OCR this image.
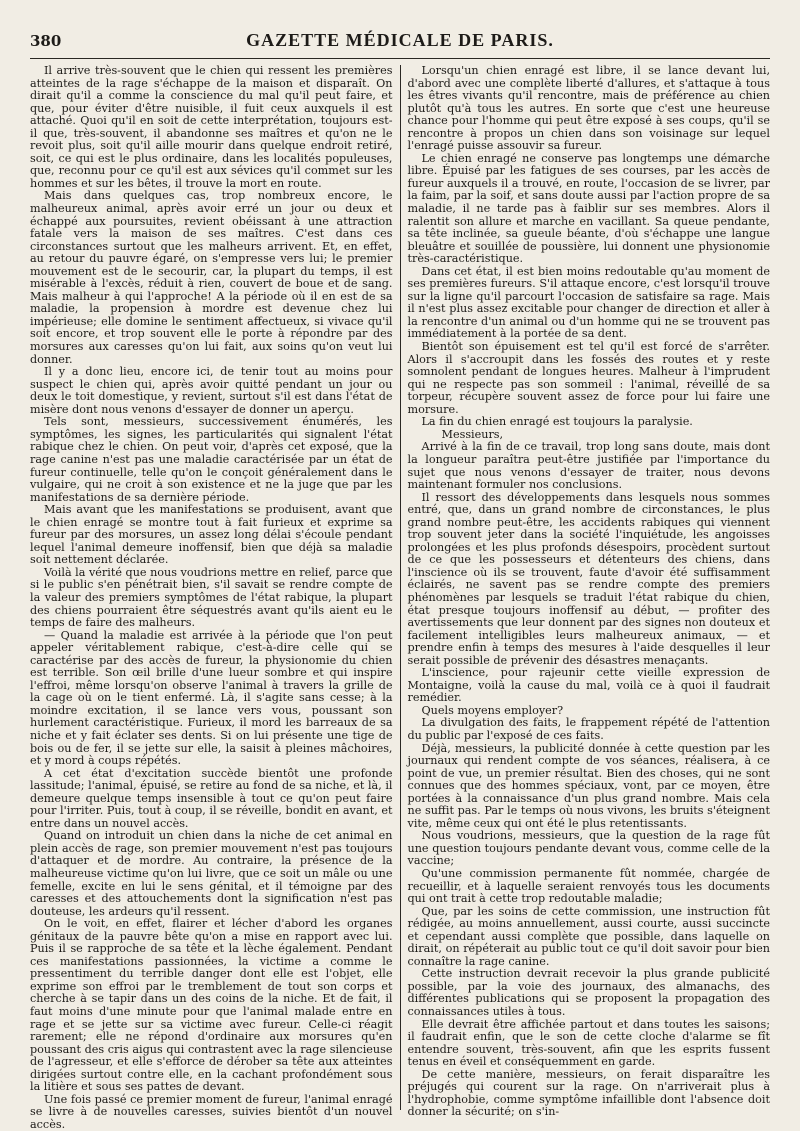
380	GAZETTE MÉDICALE DE PARIS.

Il arrive très-souvent que le chien qui ressent les premières atteintes de la rage s'échappe de la maison et disparaît. On dirait qu'il a comme la conscience du mal qu'il peut faire, et que, pour éviter d'être nuisible, il fuit ceux auxquels il est attaché. Quoi qu'il en soit de cette interprétation, toujours est-il que, très-souvent, il abandonne ses maîtres et qu'on ne le revoit plus, soit qu'il aille mourir dans quelque endroit retiré, soit, ce qui est le plus ordinaire, dans les localités populeuses, que, reconnu pour ce qu'il est aux sévices qu'il commet sur les hommes et sur les bêtes, il trouve la mort en route.

Mais dans quelques cas, trop nombreux encore, le malheureux animal, après avoir erré un jour ou deux et échappé aux poursuites, revient obéissant à une attraction fatale vers la maison de ses maîtres. C'est dans ces circonstances surtout que les malheurs arrivent. Et, en effet, au retour du pauvre égaré, on s'empresse vers lui; le premier mouvement est de le secourir, car, la plupart du temps, il est misérable à l'excès, réduit à rien, couvert de boue et de sang. Mais malheur à qui l'approche! A la période où il en est de sa maladie, la propension à mordre est devenue chez lui impérieuse; elle domine le sentiment affectueux, si vivace qu'il soit encore, et trop souvent elle le porte à répondre par des morsures aux caresses qu'on lui fait, aux soins qu'on veut lui donner.

Il y a donc lieu, encore ici, de tenir tout au moins pour suspect le chien qui, après avoir quitté pendant un jour ou deux le toit domestique, y revient, surtout s'il est dans l'état de misère dont nous venons d'essayer de donner un aperçu.

Tels sont, messieurs, successivement énumérés, les symptômes, les signes, les particularités qui signalent l'état rabique chez le chien. On peut voir, d'après cet exposé, que la rage canine n'est pas une maladie caractérisée par un état de fureur continuelle, telle qu'on le conçoit généralement dans le vulgaire, qui ne croit à son existence et ne la juge que par les manifestations de sa dernière période.

Mais avant que les manifestations se produisent, avant que le chien enragé se montre tout à fait furieux et exprime sa fureur par des morsures, un assez long délai s'écoule pendant lequel l'animal demeure inoffensif, bien que déjà sa maladie soit nettement déclarée.

Voilà la vérité que nous voudrions mettre en relief, parce que si le public s'en pénétrait bien, s'il savait se rendre compte de la valeur des premiers symptômes de l'état rabique, la plupart des chiens pourraient être séquestrés avant qu'ils aient eu le temps de faire des malheurs.

— Quand la maladie est arrivée à la période que l'on peut appeler véritablement rabique, c'est-à-dire celle qui se caractérise par des accès de fureur, la physionomie du chien est terrible. Son œil brille d'une lueur sombre et qui inspire l'effroi, même lorsqu'on observe l'animal à travers la grille de la cage où on le tient enfermé. Là, il s'agite sans cesse; à la moindre excitation, il se lance vers vous, poussant son hurlement caractéristique. Furieux, il mord les barreaux de sa niche et y fait éclater ses dents. Si on lui présente une tige de bois ou de fer, il se jette sur elle, la saisit à pleines mâchoires, et y mord à coups répétés.

A cet état d'excitation succède bientôt une profonde lassitude; l'animal, épuisé, se retire au fond de sa niche, et là, il demeure quelque temps insensible à tout ce qu'on peut faire pour l'irriter. Puis, tout à coup, il se réveille, bondit en avant, et entre dans un nouvel accès.

Quand on introduit un chien dans la niche de cet animal en plein accès de rage, son premier mouvement n'est pas toujours d'attaquer et de mordre. Au contraire, la présence de la malheureuse victime qu'on lui livre, que ce soit un mâle ou une femelle, excite en lui le sens génital, et il témoigne par des caresses et des attouchements dont la signification n'est pas douteuse, les ardeurs qu'il ressent.

On le voit, en effet, flairer et lécher d'abord les organes génitaux de la pauvre bête qu'on a mise en rapport avec lui. Puis il se rapproche de sa tête et la lèche également. Pendant ces manifestations passionnées, la victime a comme le pressentiment du terrible danger dont elle est l'objet, elle exprime son effroi par le tremblement de tout son corps et cherche à se tapir dans un des coins de la niche. Et de fait, il faut moins d'une minute pour que l'animal malade entre en rage et se jette sur sa victime avec fureur. Celle-ci réagit rarement; elle ne répond d'ordinaire aux morsures qu'en poussant des cris aigus qui contrastent avec la rage silencieuse de l'agresseur, et elle s'efforce de dérober sa tête aux atteintes dirigées surtout contre elle, en la cachant profondément sous la litière et sous ses pattes de devant.

Une fois passé ce premier moment de fureur, l'animal enragé se livre à de nouvelles caresses, suivies bientôt d'un nouvel accès.

Lorsqu'un chien enragé est libre, il se lance devant lui, d'abord avec une complète liberté d'allures, et s'attaque à tous les êtres vivants qu'il rencontre, mais de préférence au chien plutôt qu'à tous les autres. En sorte que c'est une heureuse chance pour l'homme qui peut être exposé à ses coups, qu'il se rencontre à propos un chien dans son voisinage sur lequel l'enragé puisse assouvir sa fureur.

Le chien enragé ne conserve pas longtemps une démarche libre. Épuisé par les fatigues de ses courses, par les accès de fureur auxquels il a trouvé, en route, l'occasion de se livrer, par la faim, par la soif, et sans doute aussi par l'action propre de sa maladie, il ne tarde pas à faiblir sur ses membres. Alors il ralentit son allure et marche en vacillant. Sa queue pendante, sa tête inclinée, sa gueule béante, d'où s'échappe une langue bleuâtre et souillée de poussière, lui donnent une physionomie très-caractéristique.

Dans cet état, il est bien moins redoutable qu'au moment de ses premières fureurs. S'il attaque encore, c'est lorsqu'il trouve sur la ligne qu'il parcourt l'occasion de satisfaire sa rage. Mais il n'est plus assez excitable pour changer de direction et aller à la rencontre d'un animal ou d'un homme qui ne se trouvent pas immédiatement à la portée de sa dent.

Bientôt son épuisement est tel qu'il est forcé de s'arrêter. Alors il s'accroupit dans les fossés des routes et y reste somnolent pendant de longues heures. Malheur à l'imprudent qui ne respecte pas son sommeil : l'animal, réveillé de sa torpeur, récupère souvent assez de force pour lui faire une morsure.

La fin du chien enragé est toujours la paralysie.

Messieurs,

Arrivé à la fin de ce travail, trop long sans doute, mais dont la longueur paraîtra peut-être justifiée par l'importance du sujet que nous venons d'essayer de traiter, nous devons maintenant formuler nos conclusions.

Il ressort des développements dans lesquels nous sommes entré, que, dans un grand nombre de circonstances, le plus grand nombre peut-être, les accidents rabiques qui viennent trop souvent jeter dans la société l'inquiétude, les angoisses prolongées et les plus profonds désespoirs, procèdent surtout de ce que les possesseurs et détenteurs des chiens, dans l'inscience où ils se trouvent, faute d'avoir été suffisamment éclairés, ne savent pas se rendre compte des premiers phénomènes par lesquels se traduit l'état rabique du chien, état presque toujours inoffensif au début, — profiter des avertissements que leur donnent par des signes non douteux et facilement intelligibles leurs malheureux animaux, — et prendre enfin à temps des mesures à l'aide desquelles il leur serait possible de prévenir des désastres menaçants.

L'inscience, pour rajeunir cette vieille expression de Montaigne, voilà la cause du mal, voilà ce à quoi il faudrait remédier.

Quels moyens employer?

La divulgation des faits, le frappement répété de l'attention du public par l'exposé de ces faits.

Déjà, messieurs, la publicité donnée à cette question par les journaux qui rendent compte de vos séances, réalisera, à ce point de vue, un premier résultat. Bien des choses, qui ne sont connues que des hommes spéciaux, vont, par ce moyen, être portées à la connaissance d'un plus grand nombre. Mais cela ne suffit pas. Par le temps où nous vivons, les bruits s'éteignent vite, même ceux qui ont été le plus retentissants.

Nous voudrions, messieurs, que la question de la rage fût une question toujours pendante devant vous, comme celle de la vaccine;

Qu'une commission permanente fût nommée, chargée de recueillir, et à laquelle seraient renvoyés tous les documents qui ont trait à cette trop redoutable maladie;

Que, par les soins de cette commission, une instruction fût rédigée, au moins annuellement, aussi courte, aussi succincte et cependant aussi complète que possible, dans laquelle on dirait, on répéterait au public tout ce qu'il doit savoir pour bien connaître la rage canine.

Cette instruction devrait recevoir la plus grande publicité possible, par la voie des journaux, des almanachs, des différentes publications qui se proposent la propagation des connaissances utiles à tous.

Elle devrait être affichée partout et dans toutes les saisons; il faudrait enfin, que le son de cette cloche d'alarme se fît entendre souvent, très-souvent, afin que les esprits fussent tenus en éveil et conséquemment en garde.

De cette manière, messieurs, on ferait disparaître les préjugés qui courent sur la rage. On n'arriverait plus à l'hydrophobie, comme symptôme infaillible dont l'absence doit donner la sécurité; on s'in-
